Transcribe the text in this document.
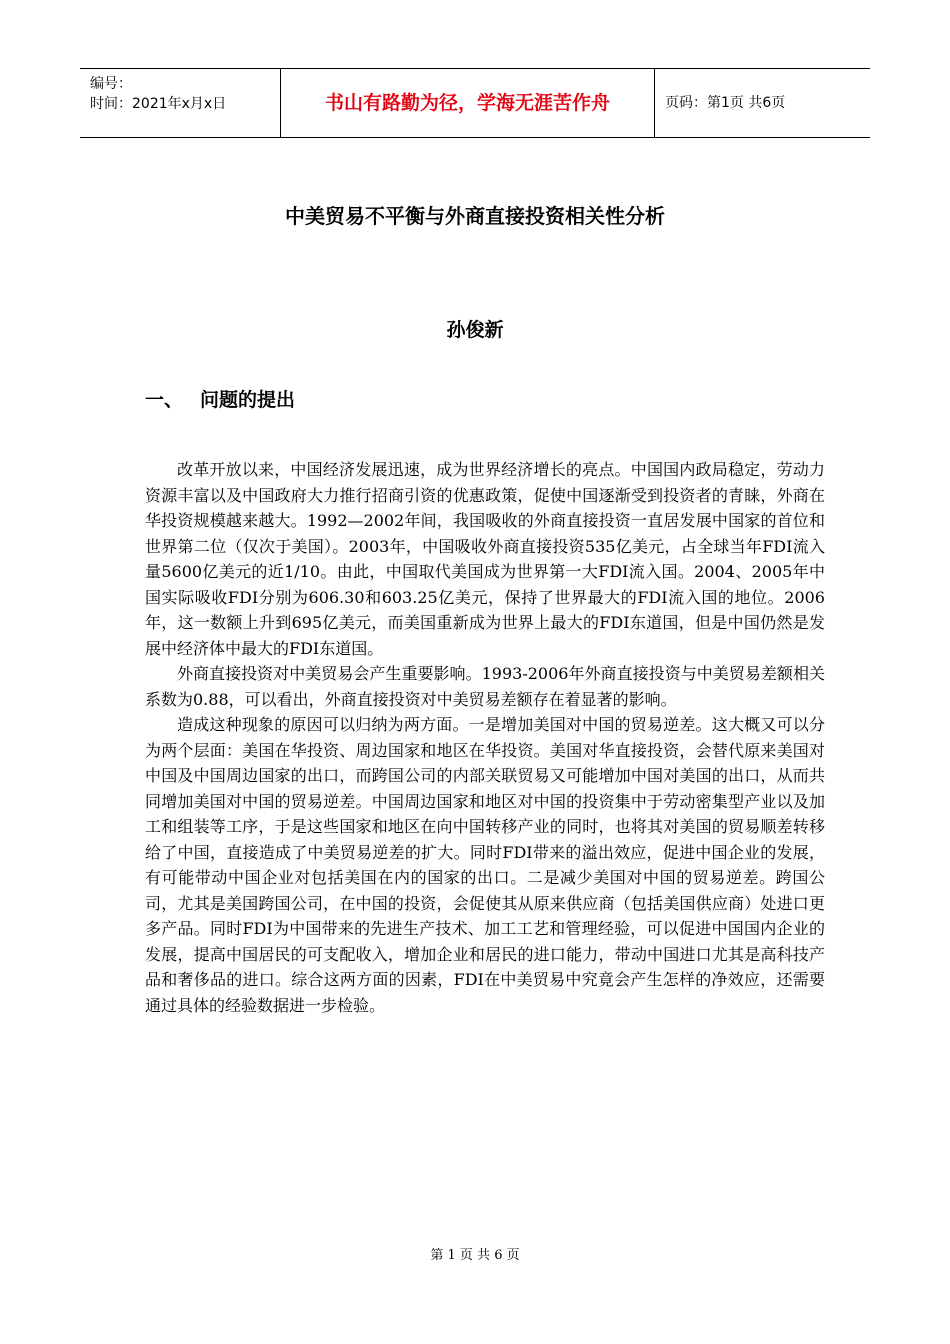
编号：
时间：2021年x月x日	书山有路勤为径，学海无涯苦作舟	页码：第1页 共6页
中美贸易不平衡与外商直接投资相关性分析
孙俊新
一、 问题的提出

改革开放以来，中国经济发展迅速，成为世界经济增长的亮点。中国国内政局稳定，劳动力资源丰富以及中国政府大力推行招商引资的优惠政策，促使中国逐渐受到投资者的青睐，外商在华投资规模越来越大。1992—2002年间，我国吸收的外商直接投资一直居发展中国家的首位和世界第二位（仅次于美国）。2003年，中国吸收外商直接投资535亿美元，占全球当年FDI流入量5600亿美元的近1/10。由此，中国取代美国成为世界第一大FDI流入国。2004、2005年中国实际吸收FDI分别为606.30和603.25亿美元，保持了世界最大的FDI流入国的地位。2006年，这一数额上升到695亿美元，而美国重新成为世界上最大的FDI东道国，但是中国仍然是发展中经济体中最大的FDI东道国。

外商直接投资对中美贸易会产生重要影响。1993-2006年外商直接投资与中美贸易差额相关系数为0.88，可以看出，外商直接投资对中美贸易差额存在着显著的影响。

造成这种现象的原因可以归纳为两方面。一是增加美国对中国的贸易逆差。这大概又可以分为两个层面：美国在华投资、周边国家和地区在华投资。美国对华直接投资，会替代原来美国对中国及中国周边国家的出口，而跨国公司的内部关联贸易又可能增加中国对美国的出口，从而共同增加美国对中国的贸易逆差。中国周边国家和地区对中国的投资集中于劳动密集型产业以及加工和组装等工序，于是这些国家和地区在向中国转移产业的同时，也将其对美国的贸易顺差转移给了中国，直接造成了中美贸易逆差的扩大。同时FDI带来的溢出效应，促进中国企业的发展，有可能带动中国企业对包括美国在内的国家的出口。二是减少美国对中国的贸易逆差。跨国公司，尤其是美国跨国公司，在中国的投资，会促使其从原来供应商（包括美国供应商）处进口更多产品。同时FDI为中国带来的先进生产技术、加工工艺和管理经验，可以促进中国国内企业的发展，提高中国居民的可支配收入，增加企业和居民的进口能力，带动中国进口尤其是高科技产品和奢侈品的进口。综合这两方面的因素，FDI在中美贸易中究竟会产生怎样的净效应，还需要通过具体的经验数据进一步检验。

第 1 页 共 6 页
